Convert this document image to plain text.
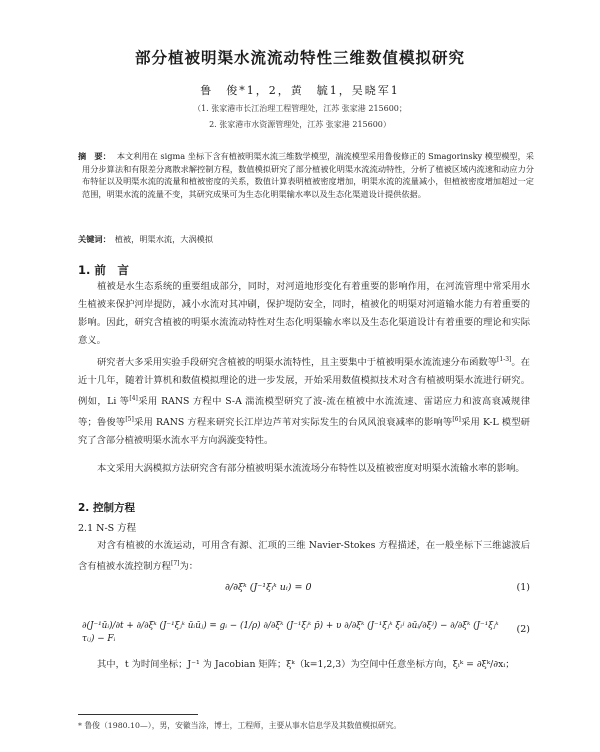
部分植被明渠水流流动特性三维数值模拟研究
鲁　俊*1，2，黄　毓1，吴晓军1
（1. 张家港市长江治理工程管理处，江苏 张家港 215600；
2. 张家港市水资源管理处，江苏 张家港 215600）
摘　要： 本文利用在 sigma 坐标下含有植被明渠水流三维数学模型，湍流模型采用鲁俊修正的 Smagorinsky 模型模型，采用分步算法和有限差分离散求解控制方程，数值模拟研究了部分植被化明渠水流流动特性，分析了植被区域内流速和动应力分布特征以及明渠水流的流量和植被密度的关系，数值计算表明植被密度增加，明渠水流的流量减小，但植被密度增加超过一定范围，明渠水流的流量不变，其研究成果可为生态化明渠输水率以及生态化渠道设计提供依据。
关键词： 植被，明渠水流，大涡模拟
1. 前　言
植被是水生态系统的重要组成部分，同时，对河道地形变化有着重要的影响作用，在河流管理中常采用水生植被来保护河岸提防，减小水流对其冲刷，保护堤防安全，同时，植被化的明渠对河道输水能力有着重要的影响。因此，研究含植被的明渠水流流动特性对生态化明渠输水率以及生态化渠道设计有着重要的理论和实际意义。
研究者大多采用实验手段研究含植被的明渠水流特性，且主要集中于植被明渠水流流速分布函数等[1-3]。在近十几年，随着计算机和数值模拟理论的进一步发展，开始采用数值模拟技术对含有植被明渠水流进行研究。例如，Li 等[4]采用 RANS 方程中 S-A 湍流模型研究了波-流在植被中水流流速、雷诺应力和波高衰减规律等；鲁俊等[5]采用 RANS 方程来研究长江岸边芦苇对实际发生的台风风浪衰减率的影响等[6]采用 K-L 模型研究了含部分植被明渠水流水平方向涡漩变特性。
本文采用大涡模拟方法研究含有部分植被明渠水流流场分布特性以及植被密度对明渠水流输水率的影响。
2. 控制方程
2.1 N-S 方程
对含有植被的水流运动，可用含有源、汇项的三维 Navier-Stokes 方程描述，在一般坐标下三维滤波后含有植被水流控制方程[7]为：
∂/∂ξᵏ (J⁻¹ξᵢᵏ uᵢ) = 0	(1)
∂(J⁻¹ūᵢ)/∂t + ∂/∂ξᵏ (J⁻¹ξⱼᵏ ūᵢūⱼ) = gᵢ − (1/ρ) ∂/∂ξᵏ (J⁻¹ξᵢᵏ p̄) + υ ∂/∂ξᵏ (J⁻¹ξⱼᵏ ξᵢʲ ∂ūᵢ/∂ξʲ) − ∂/∂ξᵏ (J⁻¹ξⱼᵏ τᵢⱼ) − Fᵢ
(2)
其中，t 为时间坐标；J⁻¹ 为 Jacobian 矩阵；ξᵏ（k=1,2,3）为空间中任意坐标方向，ξᵢᵏ = ∂ξᵏ/∂xᵢ；
* 鲁俊（1980.10—），男，安徽当涂，博士，工程师，主要从事水信息学及其数值模拟研究。
